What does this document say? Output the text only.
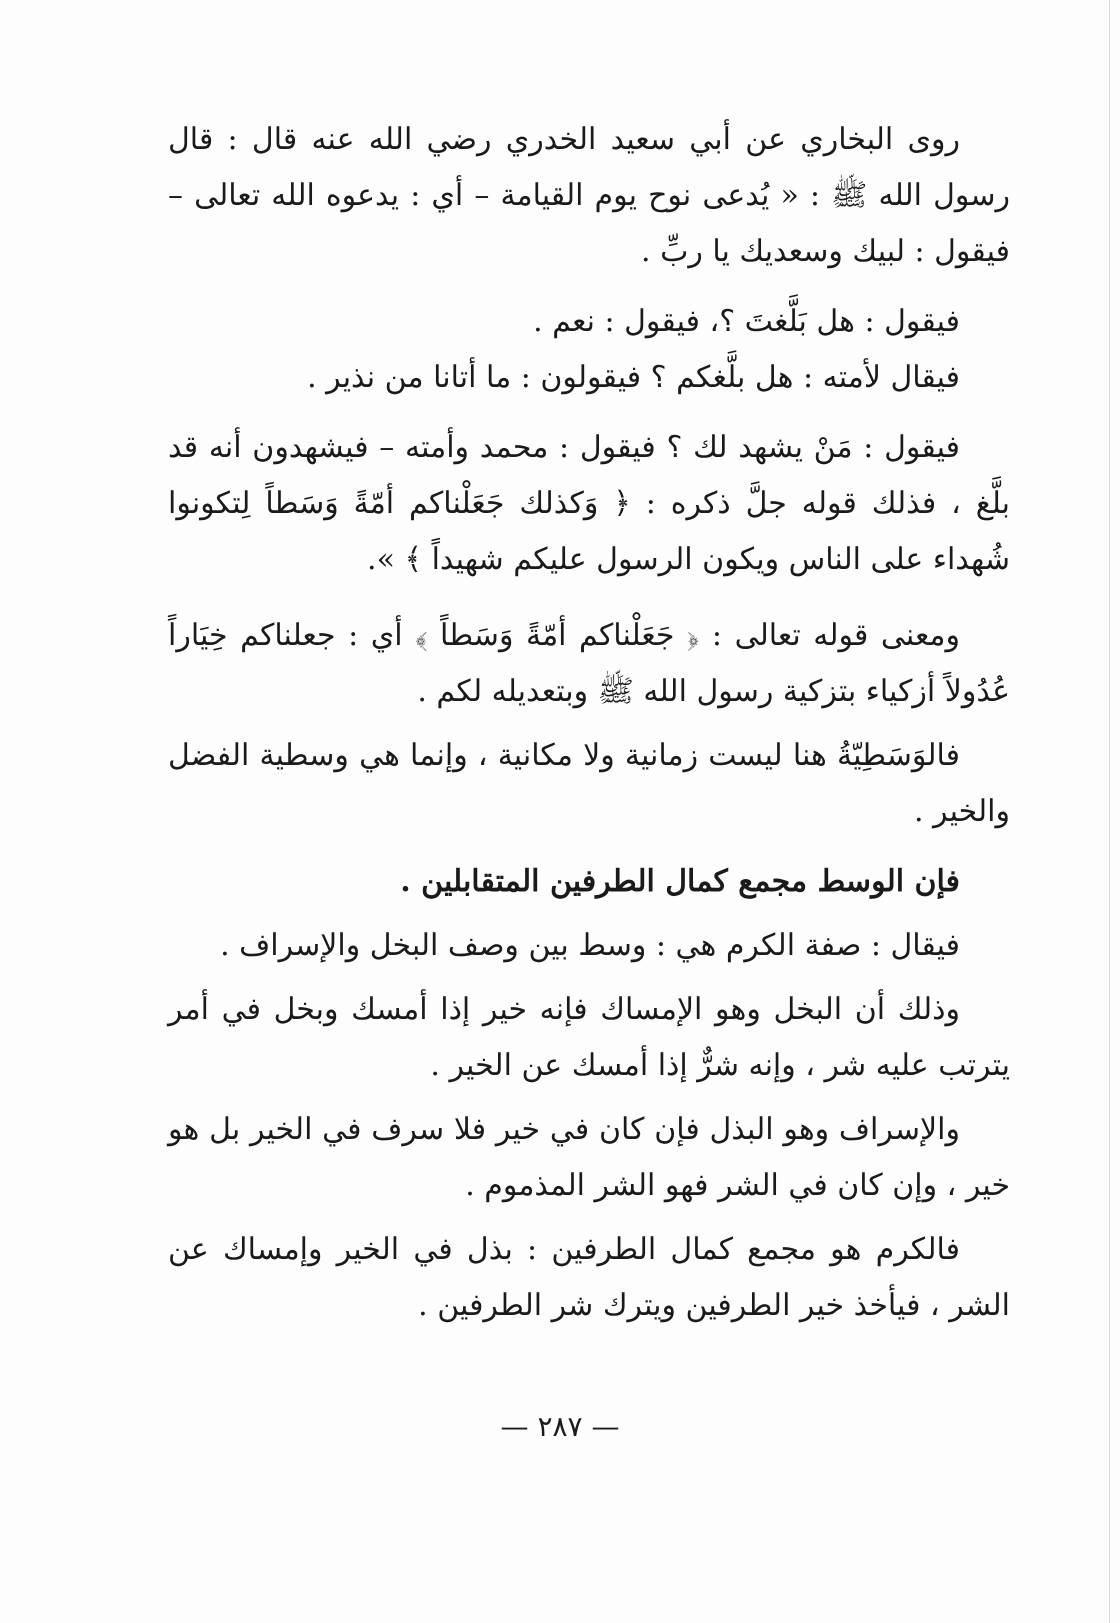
روى البخاري عن أبي سعيد الخدري رضي الله عنه قال : قال رسول الله ﷺ : « يُدعى نوح يوم القيامة – أي : يدعوه الله تعالى – فيقول : لبيك وسعديك يا ربِّ .

فيقول : هل بَلَّغتَ ؟، فيقول : نعم .

فيقال لأمته : هل بلَّغكم ؟ فيقولون : ما أتانا من نذير .

فيقول : مَنْ يشهد لك ؟ فيقول : محمد وأمته – فيشهدون أنه قد بلَّغ ، فذلك قوله جلَّ ذكره : ﴿ وَكذلك جَعَلْناكم أمّةً وَسَطاً لِتكونوا شُهداء على الناس ويكون الرسول عليكم شهيداً ﴾ ».

ومعنى قوله تعالى : ﴿ جَعَلْناكم أمّةً وَسَطاً ﴾ أي : جعلناكم خِيَاراً عُدُولاً أزكياء بتزكية رسول الله ﷺ وبتعديله لكم .

فالوَسَطِيّةُ هنا ليست زمانية ولا مكانية ، وإنما هي وسطية الفضل والخير .

فإن الوسط مجمع كمال الطرفين المتقابلين .

فيقال : صفة الكرم هي : وسط بين وصف البخل والإسراف .

وذلك أن البخل وهو الإمساك فإنه خير إذا أمسك وبخل في أمر يترتب عليه شر ، وإنه شرٌّ إذا أمسك عن الخير .

والإسراف وهو البذل فإن كان في خير فلا سرف في الخير بل هو خير ، وإن كان في الشر فهو الشر المذموم .

فالكرم هو مجمع كمال الطرفين : بذل في الخير وإمساك عن الشر ، فيأخذ خير الطرفين ويترك شر الطرفين .

— ٢٨٧ —
